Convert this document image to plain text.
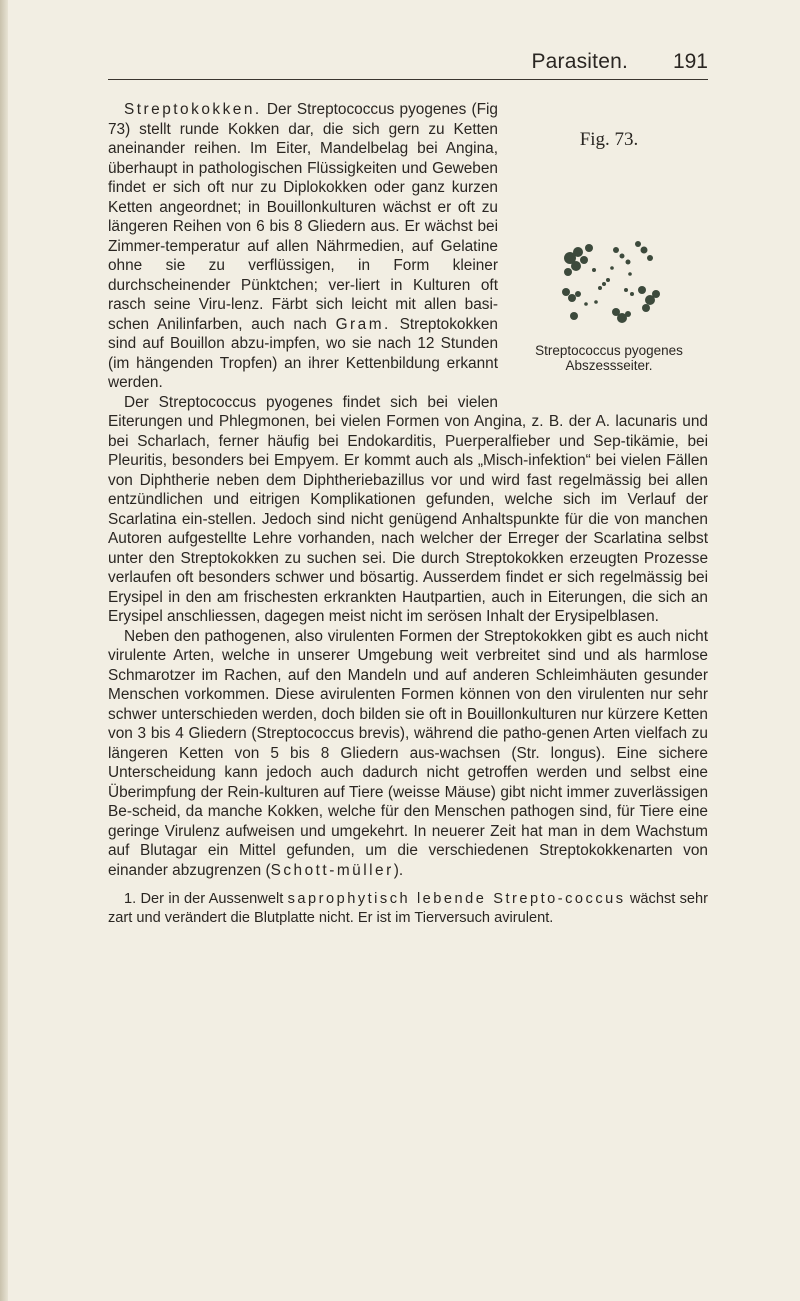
Parasiten. 191
Fig. 73.
Streptococcus pyogenes
Abszessseiter.

Streptokokken. Der Streptococcus pyogenes (Fig 73) stellt runde Kokken dar, die sich gern zu Ketten aneinander reihen. Im Eiter, Mandelbelag bei Angina, überhaupt in pathologischen Flüssigkeiten und Geweben findet er sich oft nur zu Diplokokken oder ganz kurzen Ketten angeordnet; in Bouillonkulturen wächst er oft zu längeren Reihen von 6 bis 8 Gliedern aus. Er wächst bei Zimmer-temperatur auf allen Nährmedien, auf Gelatine ohne sie zu verflüssigen, in Form kleiner durchscheinender Pünktchen; ver-liert in Kulturen oft rasch seine Viru-lenz. Färbt sich leicht mit allen basi-schen Anilinfarben, auch nach Gram. Streptokokken sind auf Bouillon abzu-impfen, wo sie nach 12 Stunden (im hängenden Tropfen) an ihrer Kettenbildung erkannt werden.

Der Streptococcus pyogenes findet sich bei vielen Eiterungen und Phlegmonen, bei vielen Formen von Angina, z. B. der A. lacunaris und bei Scharlach, ferner häufig bei Endokarditis, Puerperalfieber und Sep-tikämie, bei Pleuritis, besonders bei Empyem. Er kommt auch als „Misch-infektion“ bei vielen Fällen von Diphtherie neben dem Diphtheriebazillus vor und wird fast regelmässig bei allen entzündlichen und eitrigen Komplikationen gefunden, welche sich im Verlauf der Scarlatina ein-stellen. Jedoch sind nicht genügend Anhaltspunkte für die von manchen Autoren aufgestellte Lehre vorhanden, nach welcher der Erreger der Scarlatina selbst unter den Streptokokken zu suchen sei. Die durch Streptokokken erzeugten Prozesse verlaufen oft besonders schwer und bösartig. Ausserdem findet er sich regelmässig bei Erysipel in den am frischesten erkrankten Hautpartien, auch in Eiterungen, die sich an Erysipel anschliessen, dagegen meist nicht im serösen Inhalt der Erysipelblasen.

Neben den pathogenen, also virulenten Formen der Streptokokken gibt es auch nicht virulente Arten, welche in unserer Umgebung weit verbreitet sind und als harmlose Schmarotzer im Rachen, auf den Mandeln und auf anderen Schleimhäuten gesunder Menschen vorkommen. Diese avirulenten Formen können von den virulenten nur sehr schwer unterschieden werden, doch bilden sie oft in Bouillonkulturen nur kürzere Ketten von 3 bis 4 Gliedern (Streptococcus brevis), während die patho-genen Arten vielfach zu längeren Ketten von 5 bis 8 Gliedern aus-wachsen (Str. longus). Eine sichere Unterscheidung kann jedoch auch dadurch nicht getroffen werden und selbst eine Überimpfung der Rein-kulturen auf Tiere (weisse Mäuse) gibt nicht immer zuverlässigen Be-scheid, da manche Kokken, welche für den Menschen pathogen sind, für Tiere eine geringe Virulenz aufweisen und umgekehrt. In neuerer Zeit hat man in dem Wachstum auf Blutagar ein Mittel gefunden, um die verschiedenen Streptokokkenarten von einander abzugrenzen (Schott-müller).

1. Der in der Aussenwelt saprophytisch lebende Strepto-coccus wächst sehr zart und verändert die Blutplatte nicht. Er ist im Tierversuch avirulent.
